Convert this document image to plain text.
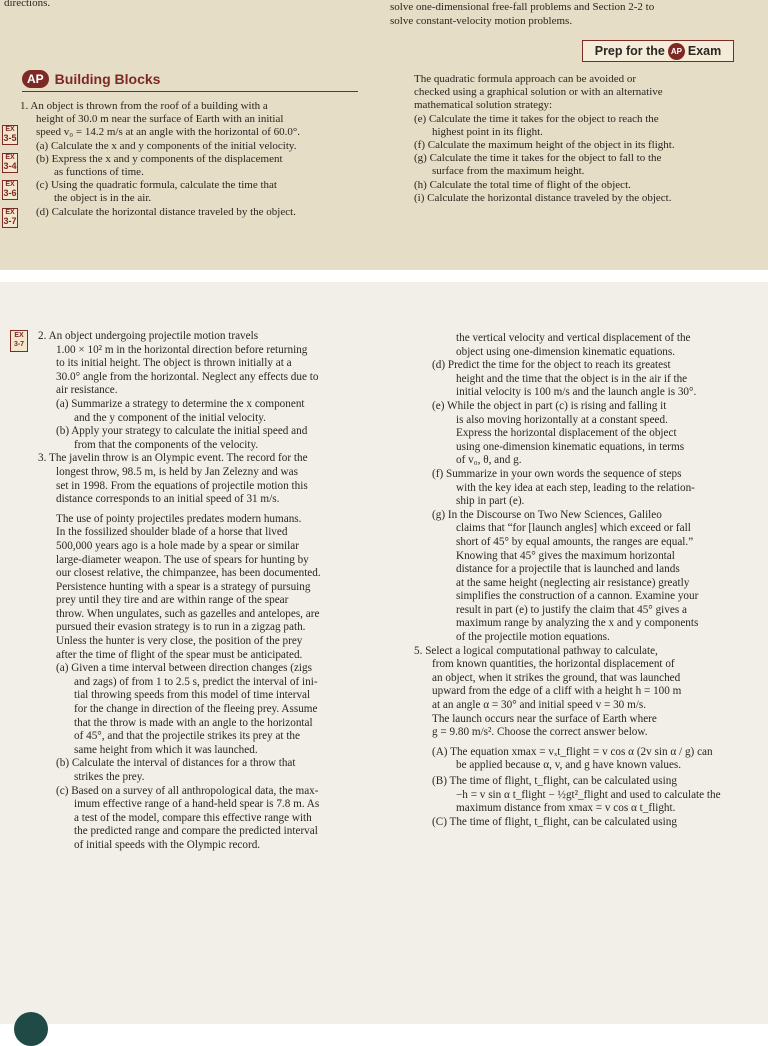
directions.	solve one-dimensional free-fall problems and Section 2-2 to
solve constant-velocity motion problems.
Prep for the AP Exam
AP Building Blocks
1. An object is thrown from the roof of a building with a
height of 30.0 m near the surface of Earth with an initial
EX
3-5 speed v₀ = 14.2 m/s at an angle with the horizontal of 60.0°.
(a) Calculate the x and y components of the initial velocity.
EX
3-4
(b) Express the x and y components of the displacement
as functions of time.
EX
3-6
(c) Using the quadratic formula, calculate the time that
the object is in the air.
EX
3-7
(d) Calculate the horizontal distance traveled by the object.
The quadratic formula approach can be avoided or
checked using a graphical solution or with an alternative
mathematical solution strategy:
(e) Calculate the time it takes for the object to reach the
highest point in its flight.
(f) Calculate the maximum height of the object in its flight.
(g) Calculate the time it takes for the object to fall to the
surface from the maximum height.
(h) Calculate the total time of flight of the object.
(i) Calculate the horizontal distance traveled by the object.
EX
3-7
2. An object undergoing projectile motion travels
1.00 × 10² m in the horizontal direction before returning
to its initial height. The object is thrown initially at a
30.0° angle from the horizontal. Neglect any effects due to
air resistance.
(a) Summarize a strategy to determine the x component
and the y component of the initial velocity.
(b) Apply your strategy to calculate the initial speed and
from that the components of the velocity.
3. The javelin throw is an Olympic event. The record for the
longest throw, 98.5 m, is held by Jan Zelezny and was
set in 1998. From the equations of projectile motion this
distance corresponds to an initial speed of 31 m/s.
The use of pointy projectiles predates modern humans.
In the fossilized shoulder blade of a horse that lived
500,000 years ago is a hole made by a spear or similar
large-diameter weapon. The use of spears for hunting by
our closest relative, the chimpanzee, has been documented.
Persistence hunting with a spear is a strategy of pursuing
prey until they tire and are within range of the spear
throw. When ungulates, such as gazelles and antelopes, are
pursued their evasion strategy is to run in a zigzag path.
Unless the hunter is very close, the position of the prey
after the time of flight of the spear must be anticipated.
(a) Given a time interval between direction changes (zigs
and zags) of from 1 to 2.5 s, predict the interval of ini-
tial throwing speeds from this model of time interval
for the change in direction of the fleeing prey. Assume
that the throw is made with an angle to the horizontal
of 45°, and that the projectile strikes its prey at the
same height from which it was launched.
(b) Calculate the interval of distances for a throw that
strikes the prey.
(c) Based on a survey of all anthropological data, the max-
imum effective range of a hand-held spear is 7.8 m. As
a test of the model, compare this effective range with
the predicted range and compare the predicted interval
of initial speeds with the Olympic record.
the vertical velocity and vertical displacement of the
object using one-dimension kinematic equations.
(d) Predict the time for the object to reach its greatest
height and the time that the object is in the air if the
initial velocity is 100 m/s and the launch angle is 30°.
(e) While the object in part (c) is rising and falling it
is also moving horizontally at a constant speed.
Express the horizontal displacement of the object
using one-dimension kinematic equations, in terms
of v₀, θ, and g.
(f) Summarize in your own words the sequence of steps
with the key idea at each step, leading to the relation-
ship in part (e).
(g) In the Discourse on Two New Sciences, Galileo
claims that “for [launch angles] which exceed or fall
short of 45° by equal amounts, the ranges are equal.”
Knowing that 45° gives the maximum horizontal
distance for a projectile that is launched and lands
at the same height (neglecting air resistance) greatly
simplifies the construction of a cannon. Examine your
result in part (e) to justify the claim that 45° gives a
maximum range by analyzing the x and y components
of the projectile motion equations.
5. Select a logical computational pathway to calculate,
from known quantities, the horizontal displacement of
an object, when it strikes the ground, that was launched
upward from the edge of a cliff with a height h = 100 m
at an angle α = 30° and initial speed v = 30 m/s.
The launch occurs near the surface of Earth where
g = 9.80 m/s². Choose the correct answer below.
(A) The equation xmax = vₓt_flight = v cos α (2v sin α / g) can
be applied because α, v, and g have known values.
(B) The time of flight, t_flight, can be calculated using
−h = v sin α t_flight − ½gt²_flight and used to calculate the
maximum distance from xmax = v cos α t_flight.
(C) The time of flight, t_flight, can be calculated using
